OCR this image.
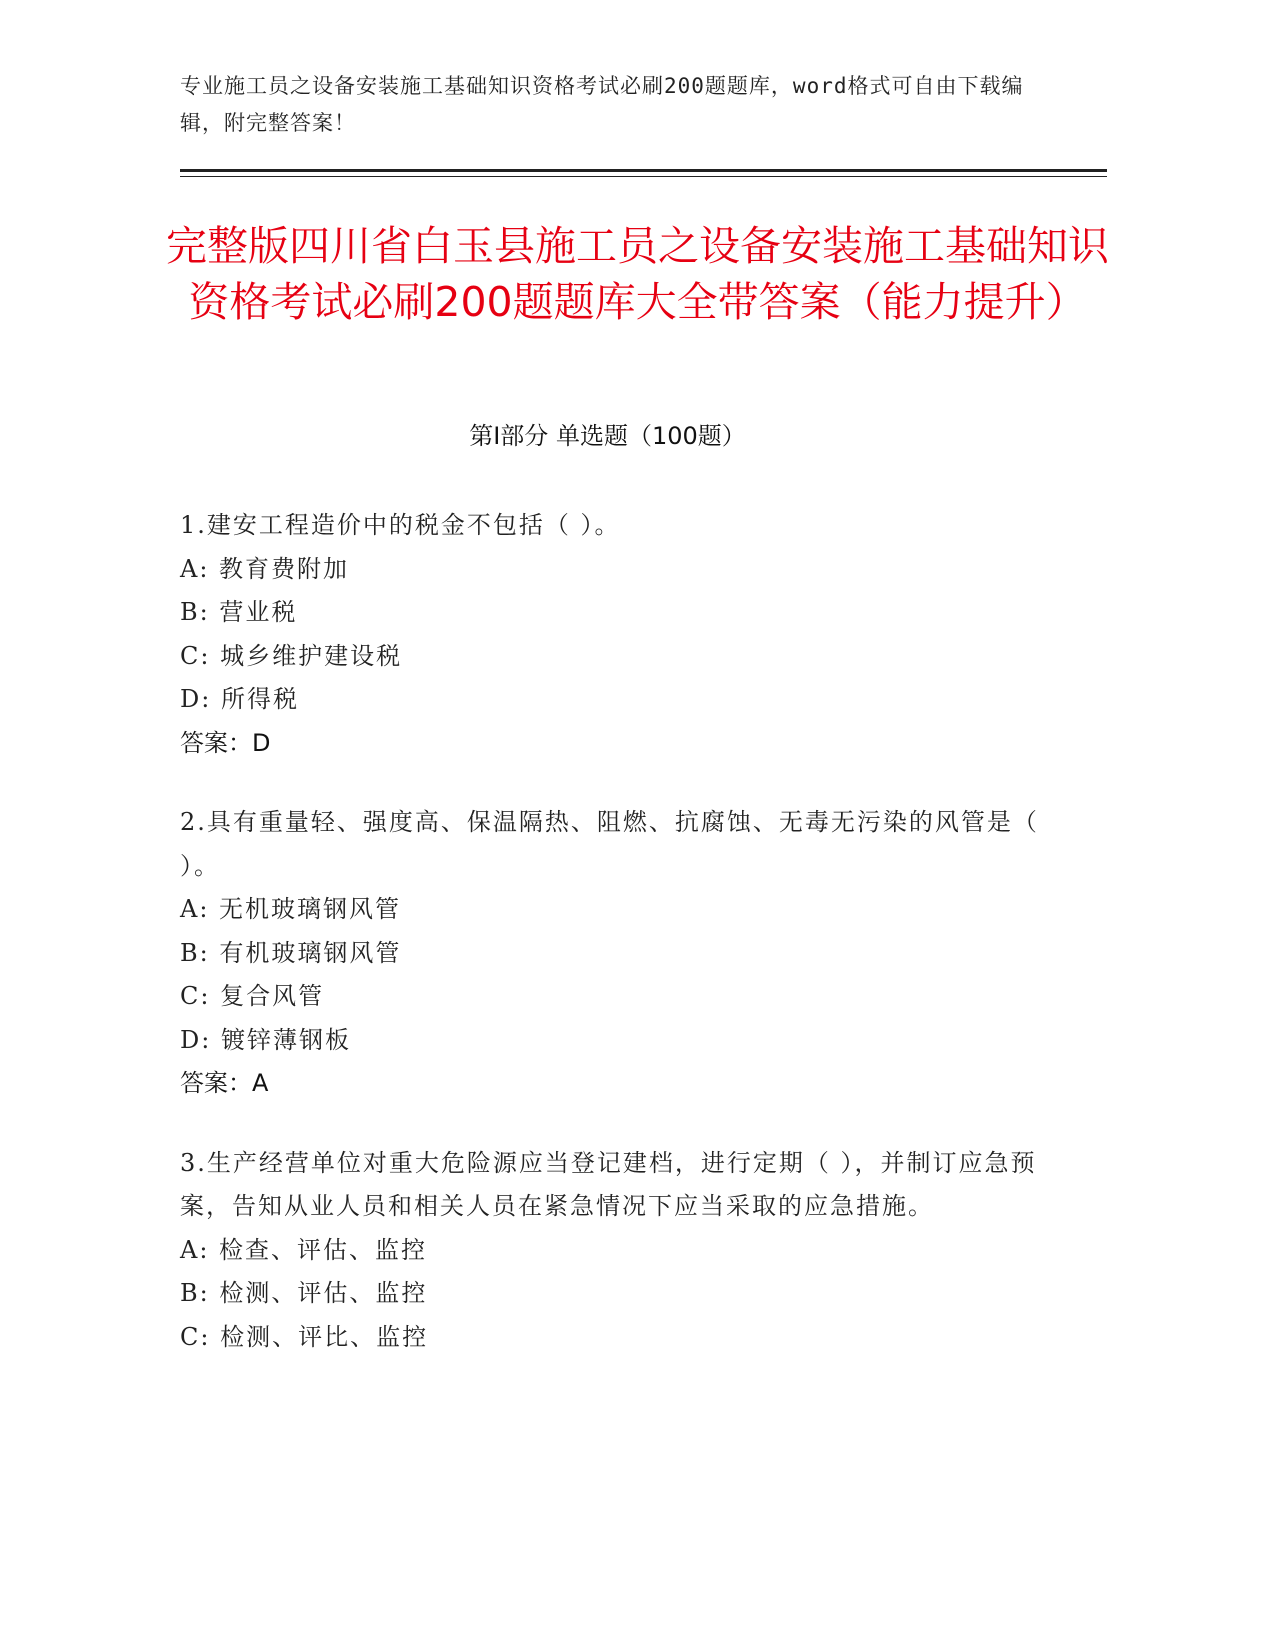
专业施工员之设备安装施工基础知识资格考试必刷200题题库，word格式可自由下载编辑，附完整答案！
完整版四川省白玉县施工员之设备安装施工基础知识资格考试必刷200题题库大全带答案（能力提升）
第Ⅰ部分 单选题（100题）
1.建安工程造价中的税金不包括（ ）。
A: 教育费附加
B: 营业税
C: 城乡维护建设税
D: 所得税
答案：D
2.具有重量轻、强度高、保温隔热、阻燃、抗腐蚀、无毒无污染的风管是（ ）。
A: 无机玻璃钢风管
B: 有机玻璃钢风管
C: 复合风管
D: 镀锌薄钢板
答案：A
3.生产经营单位对重大危险源应当登记建档，进行定期（ ），并制订应急预案，告知从业人员和相关人员在紧急情况下应当采取的应急措施。
A: 检查、评估、监控
B: 检测、评估、监控
C: 检测、评比、监控
